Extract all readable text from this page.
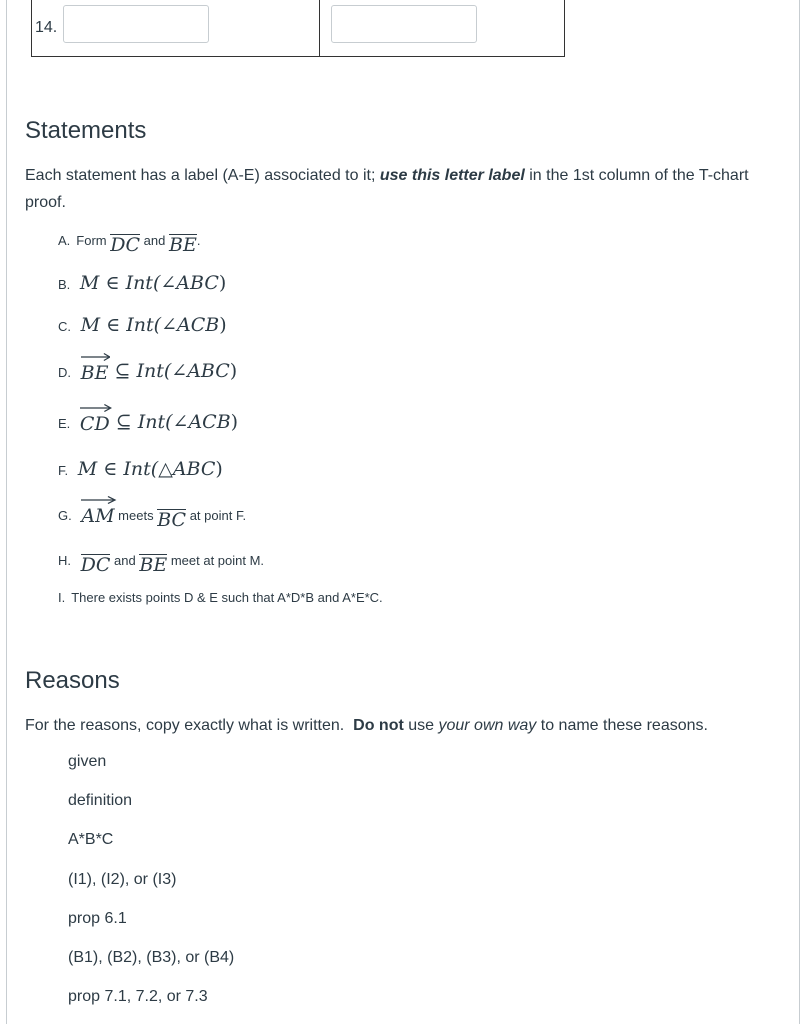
14.
Statements
Each statement has a label (A-E) associated to it; use this letter label in the 1st column of the T-chart proof.
A. Form DC and BE.
B. M ∈ Int(∠ABC)
C. M ∈ Int(∠ACB)
D. BE ⊆ Int(∠ABC)
E. CD ⊆ Int(∠ACB)
F. M ∈ Int(△ABC)
G. AM meets BC at point F.
H. DC and BE meet at point M.
I. There exists points D & E such that A*D*B and A*E*C.
Reasons
For the reasons, copy exactly what is written.  Do not use your own way to name these reasons.
given
definition
A*B*C
(I1), (I2), or (I3)
prop 6.1
(B1), (B2), (B3), or (B4)
prop 7.1, 7.2, or 7.3
